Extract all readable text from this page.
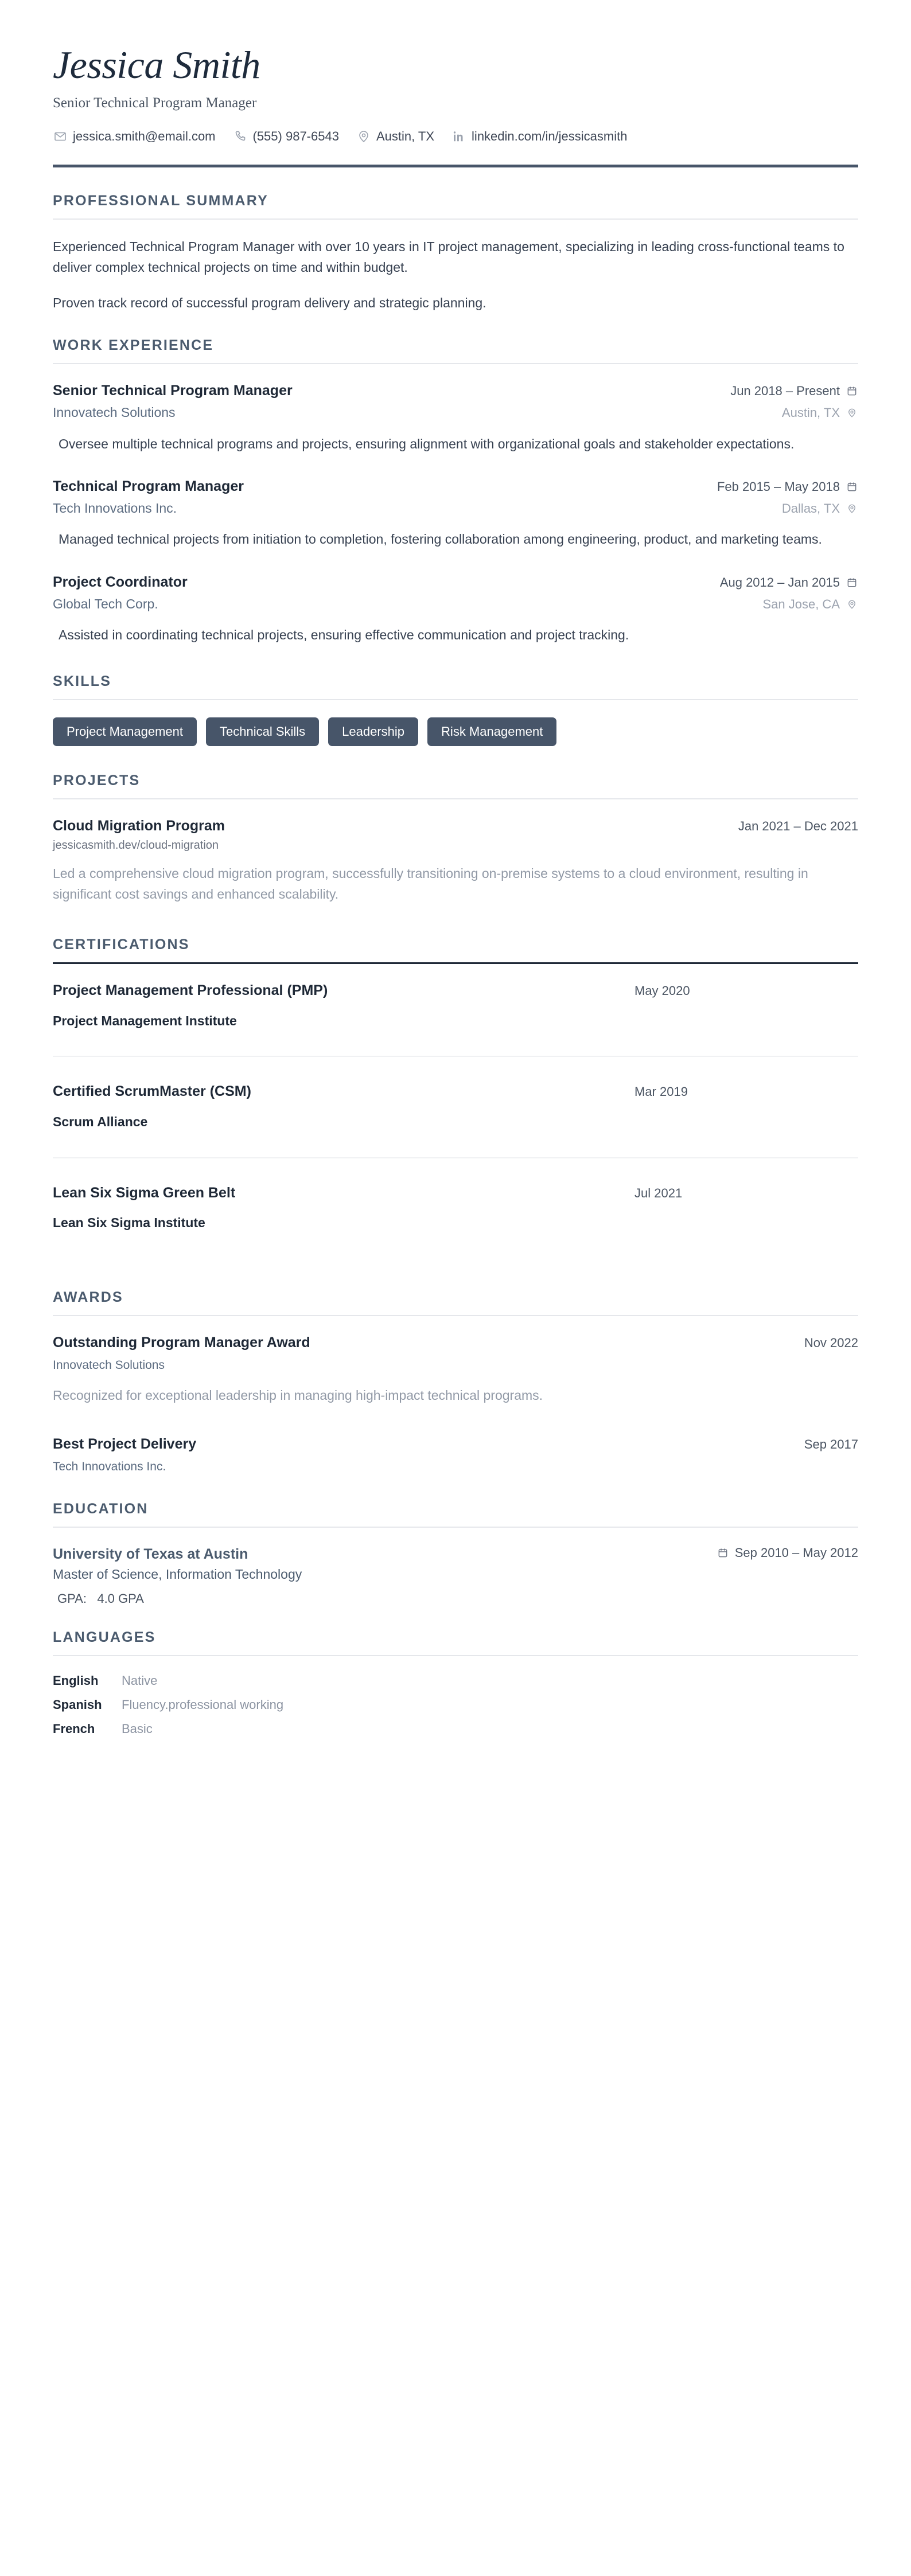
Jessica Smith
Senior Technical Program Manager
jessica.smith@email.com	(555) 987-6543	Austin, TX	linkedin.com/in/jessicasmith
PROFESSIONAL SUMMARY

Experienced Technical Program Manager with over 10 years in IT project management, specializing in leading cross-functional teams to deliver complex technical projects on time and within budget.

Proven track record of successful program delivery and strategic planning.

WORK EXPERIENCE
Senior Technical Program Manager	Jun 2018 – Present
Innovatech Solutions	Austin, TX
Oversee multiple technical programs and projects, ensuring alignment with organizational goals and stakeholder expectations.
Technical Program Manager	Feb 2015 – May 2018
Tech Innovations Inc.	Dallas, TX
Managed technical projects from initiation to completion, fostering collaboration among engineering, product, and marketing teams.
Project Coordinator	Aug 2012 – Jan 2015
Global Tech Corp.	San Jose, CA
Assisted in coordinating technical projects, ensuring effective communication and project tracking.
SKILLS
Project Management	Technical Skills	Leadership	Risk Management
PROJECTS
Cloud Migration Program	Jan 2021 – Dec 2021
jessicasmith.dev/cloud-migration
Led a comprehensive cloud migration program, successfully transitioning on-premise systems to a cloud environment, resulting in significant cost savings and enhanced scalability.
CERTIFICATIONS
Project Management Professional (PMP)	May 2020
Project Management Institute
Certified ScrumMaster (CSM)	Mar 2019
Scrum Alliance
Lean Six Sigma Green Belt	Jul 2021
Lean Six Sigma Institute
AWARDS
Outstanding Program Manager Award	Nov 2022
Innovatech Solutions
Recognized for exceptional leadership in managing high-impact technical programs.
Best Project Delivery	Sep 2017
Tech Innovations Inc.
EDUCATION
University of Texas at Austin	Sep 2010 – May 2012
Master of Science, Information Technology
GPA: 4.0 GPA
LANGUAGES
English	Native
Spanish	Fluency.professional working
French	Basic
